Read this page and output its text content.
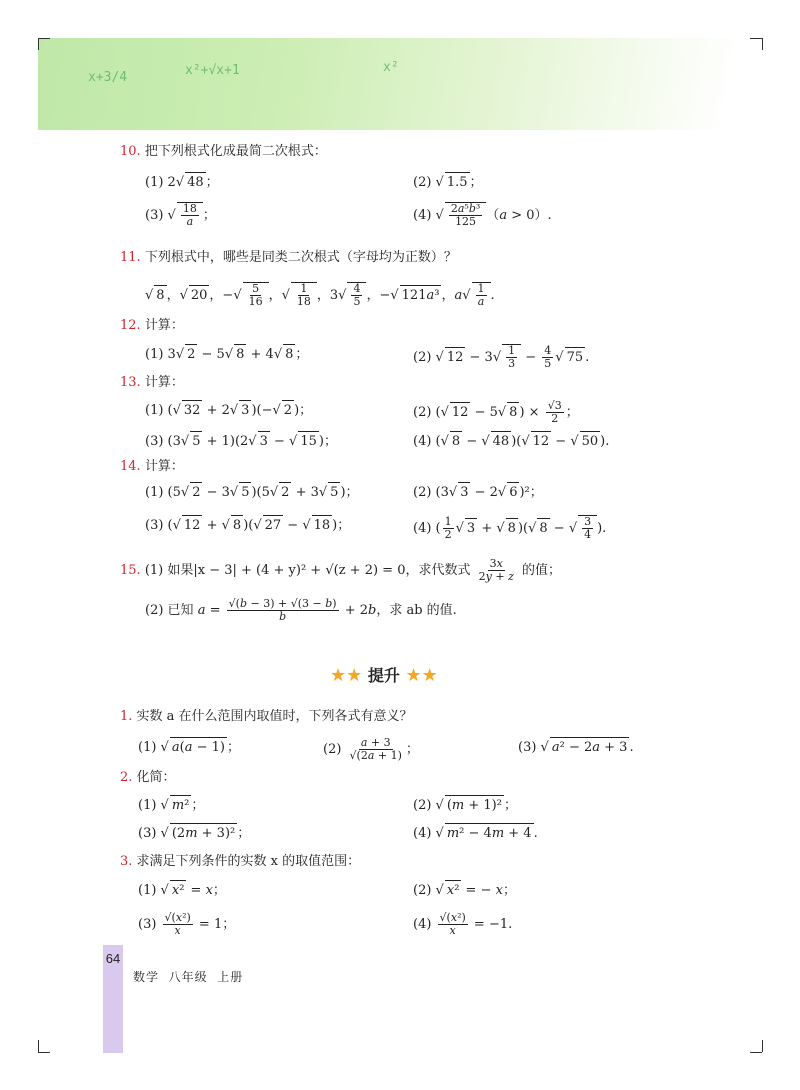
x+3/4	x²+√x+1	x²
10. 把下列根式化成最简二次根式：
(1) 2√ 48 ；	(2) √ 1.5 ；
(3) √ $\frac{18}{a}$ ；	(4) √ $\frac{\text{2a⁵b³}}{125} (a > 0)$.
11. 下列根式中，哪些是同类二次根式（字母均为正数）？
√ 8 ，√ 20 ，−√ $\frac{5}{16}$ ，√ $\frac{1}{18}$ ，$3√ \frac{4}{5}$ ，−√ 121a³ ，$a√ \frac{1}{a}$ .
12. 计算：
(1) 3√ 2 − 5√ 8 + 4√ 8 ；	(2) √ $12 - 3√ \frac{1}{3} - \frac{4}{5}$ √ 75 .
13. 计算：
(1) (√ 32 + 2√ 3 )(−√ 2 )；	(2) (√ 12 − 5√ 8 ) × $\frac{√3}{2}$ ；
(3) (3√ 5 + 1)(2√ 3 − √ 15 )；	(4) (√ 8 − √ 48 )(√ 12 − √ 50 ).
14. 计算：
(1) (5√ 2 − 3√ 5 )(5√ 2 + 3√ 5 )；	(2) (3√ 3 − 2√ 6 )²；
(3) (√ 12 + √ 8 )(√ 27 − √ 18 )；	(4) ( $\frac{1}{2}$ √ 3 + √ 8 )(√ 8 − √ $\frac{3}{4}$ ).
15. (1) 如果|x − 3| + (4 + y)² + √(z + 2) = 0，求代数式 $\frac{3x}{2y + z}$ 的值；
(2) 已知 $a = \frac{√(b - 3) + √(3 - b)}{b} + 2b$，求 ab 的值.
★★ 提升 ★★
1. 实数 a 在什么范围内取值时，下列各式有意义？
(1) √ a(a − 1) ；	$(2) \frac{a + 3}{√(2a + 1)}$ ；	(3) √ a² − 2a + 3 .
2. 化简：
(1) √ m² ；	(2) √ (m + 1)² ；
(3) √ (2m + 3)² ；	(4) √ m² − 4m + 4 .
3. 求满足下列条件的实数 x 的取值范围：
(1) √ x² = x；	(2) √ x² = − x；
$(3) \frac{\text{√(x²)}}{x} = 1$；	$(4) \frac{\text{√(x²)}}{x} = -1$.
64
数学  八年级  上册
